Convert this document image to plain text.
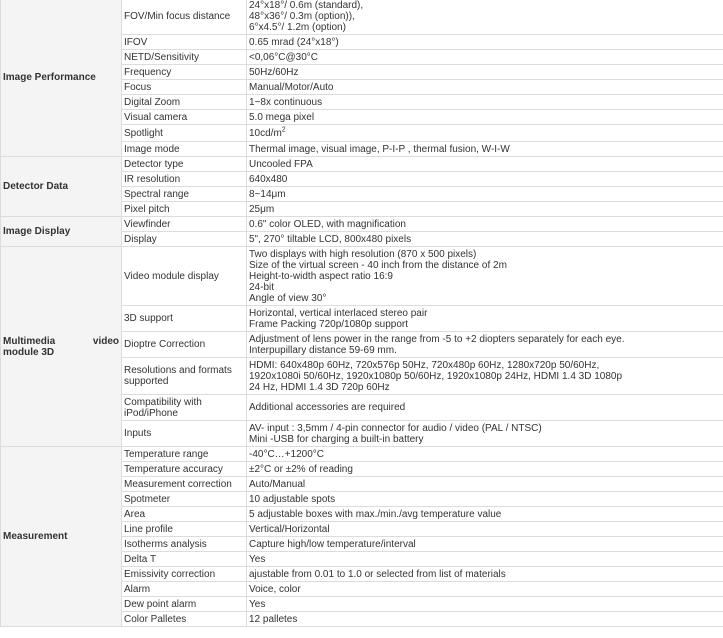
Image Performance	FOV/Min focus distance	24°x18°/ 0.6m (standard),
48°x36°/ 0.3m (option)),
6°x4.5°/ 1.2m (option)
	IFOV	0.65 mrad (24°x18°)
	NETD/Sensitivity	<0,06°C@30°C
	Frequency	50Hz/60Hz
	Focus	Manual/Motor/Auto
	Digital Zoom	1~8x continuous
	Visual camera	5.0 mega pixel
	Spotlight	$10cd/m^2$
	Image mode	Thermal image, visual image, P-I-P , thermal fusion, W-I-W
Detector Data	Detector type	Uncooled FPA
	IR resolution	640x480
	Spectral range	8~14μm
	Pixel pitch	25μm
Image Display	Viewfinder	0.6" color OLED, with magnification
	Display	5", 270° tiltable LCD, 800x480 pixels
Multimedia video module 3D	Video module display	Two displays with high resolution (870 x 500 pixels)
Size of the virtual screen - 40 inch from the distance of 2m
Height-to-width aspect ratio 16:9
24-bit
Angle of view 30°
	3D support	Horizontal, vertical interlaced stereo pair
Frame Packing 720p/1080p support
	Dioptre Correction	Adjustment of lens power in the range from -5 to +2 diopters separately for each eye.
Interpupillary distance 59-69 mm.
	Resolutions and formats supported	HDMI: 640x480p 60Hz, 720x576p 50Hz, 720x480p 60Hz, 1280x720p 50/60Hz,
1920x1080i 50/60Hz, 1920x1080p 50/60Hz, 1920x1080p 24Hz, HDMI 1.4 3D 1080p
24 Hz, HDMI 1.4 3D 720p 60Hz
	Compatibility with iPod/iPhone	Additional accessories are required
	Inputs	AV- input : 3,5mm / 4-pin connector for audio / video (PAL / NTSC)
Mini -USB for charging a built-in battery
Measurement	Temperature range	-40°C…+1200°C
	Temperature accuracy	±2°C or ±2% of reading
	Measurement correction	Auto/Manual
	Spotmeter	10 adjustable spots
	Area	5 adjustable boxes with max./min./avg temperature value
	Line profile	Vertical/Horizontal
	Isotherms analysis	Capture high/low temperature/interval
	Delta T	Yes
	Emissivity correction	ajustable from 0.01 to 1.0 or selected from list of materials
	Alarm	Voice, color
	Dew point alarm	Yes
	Color Palletes	12 palletes
